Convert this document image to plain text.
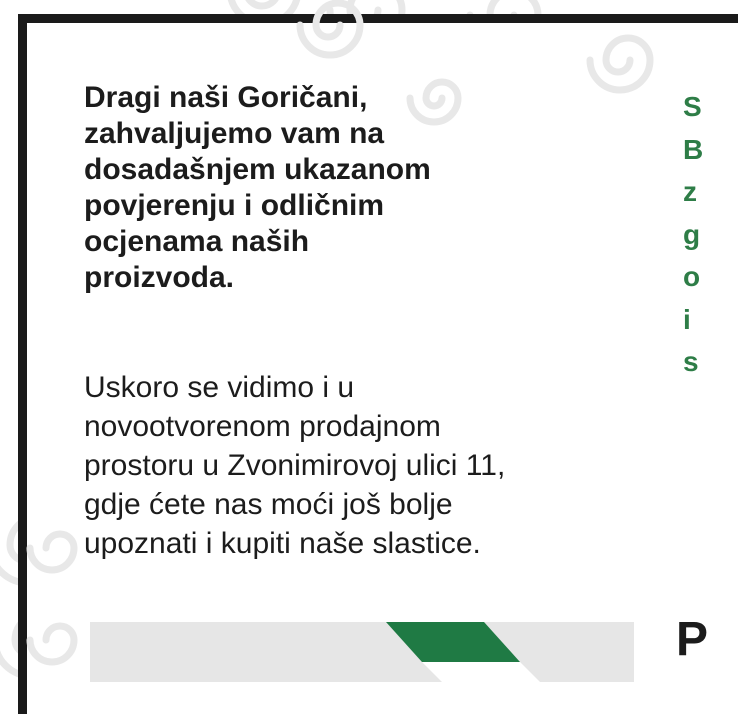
Dragi naši Goričani,
zahvaljujemo vam na
dosadašnjem ukazanom
povjerenju i odličnim
ocjenama naših
proizvoda.

Uskoro se vidimo i u
novootvorenom prodajnom
prostoru u Zvonimirovoj ulici 11,
gdje ćete nas moći još bolje
upoznati i kupiti naše slastice.

S
B
z
g
o
i
s

P
